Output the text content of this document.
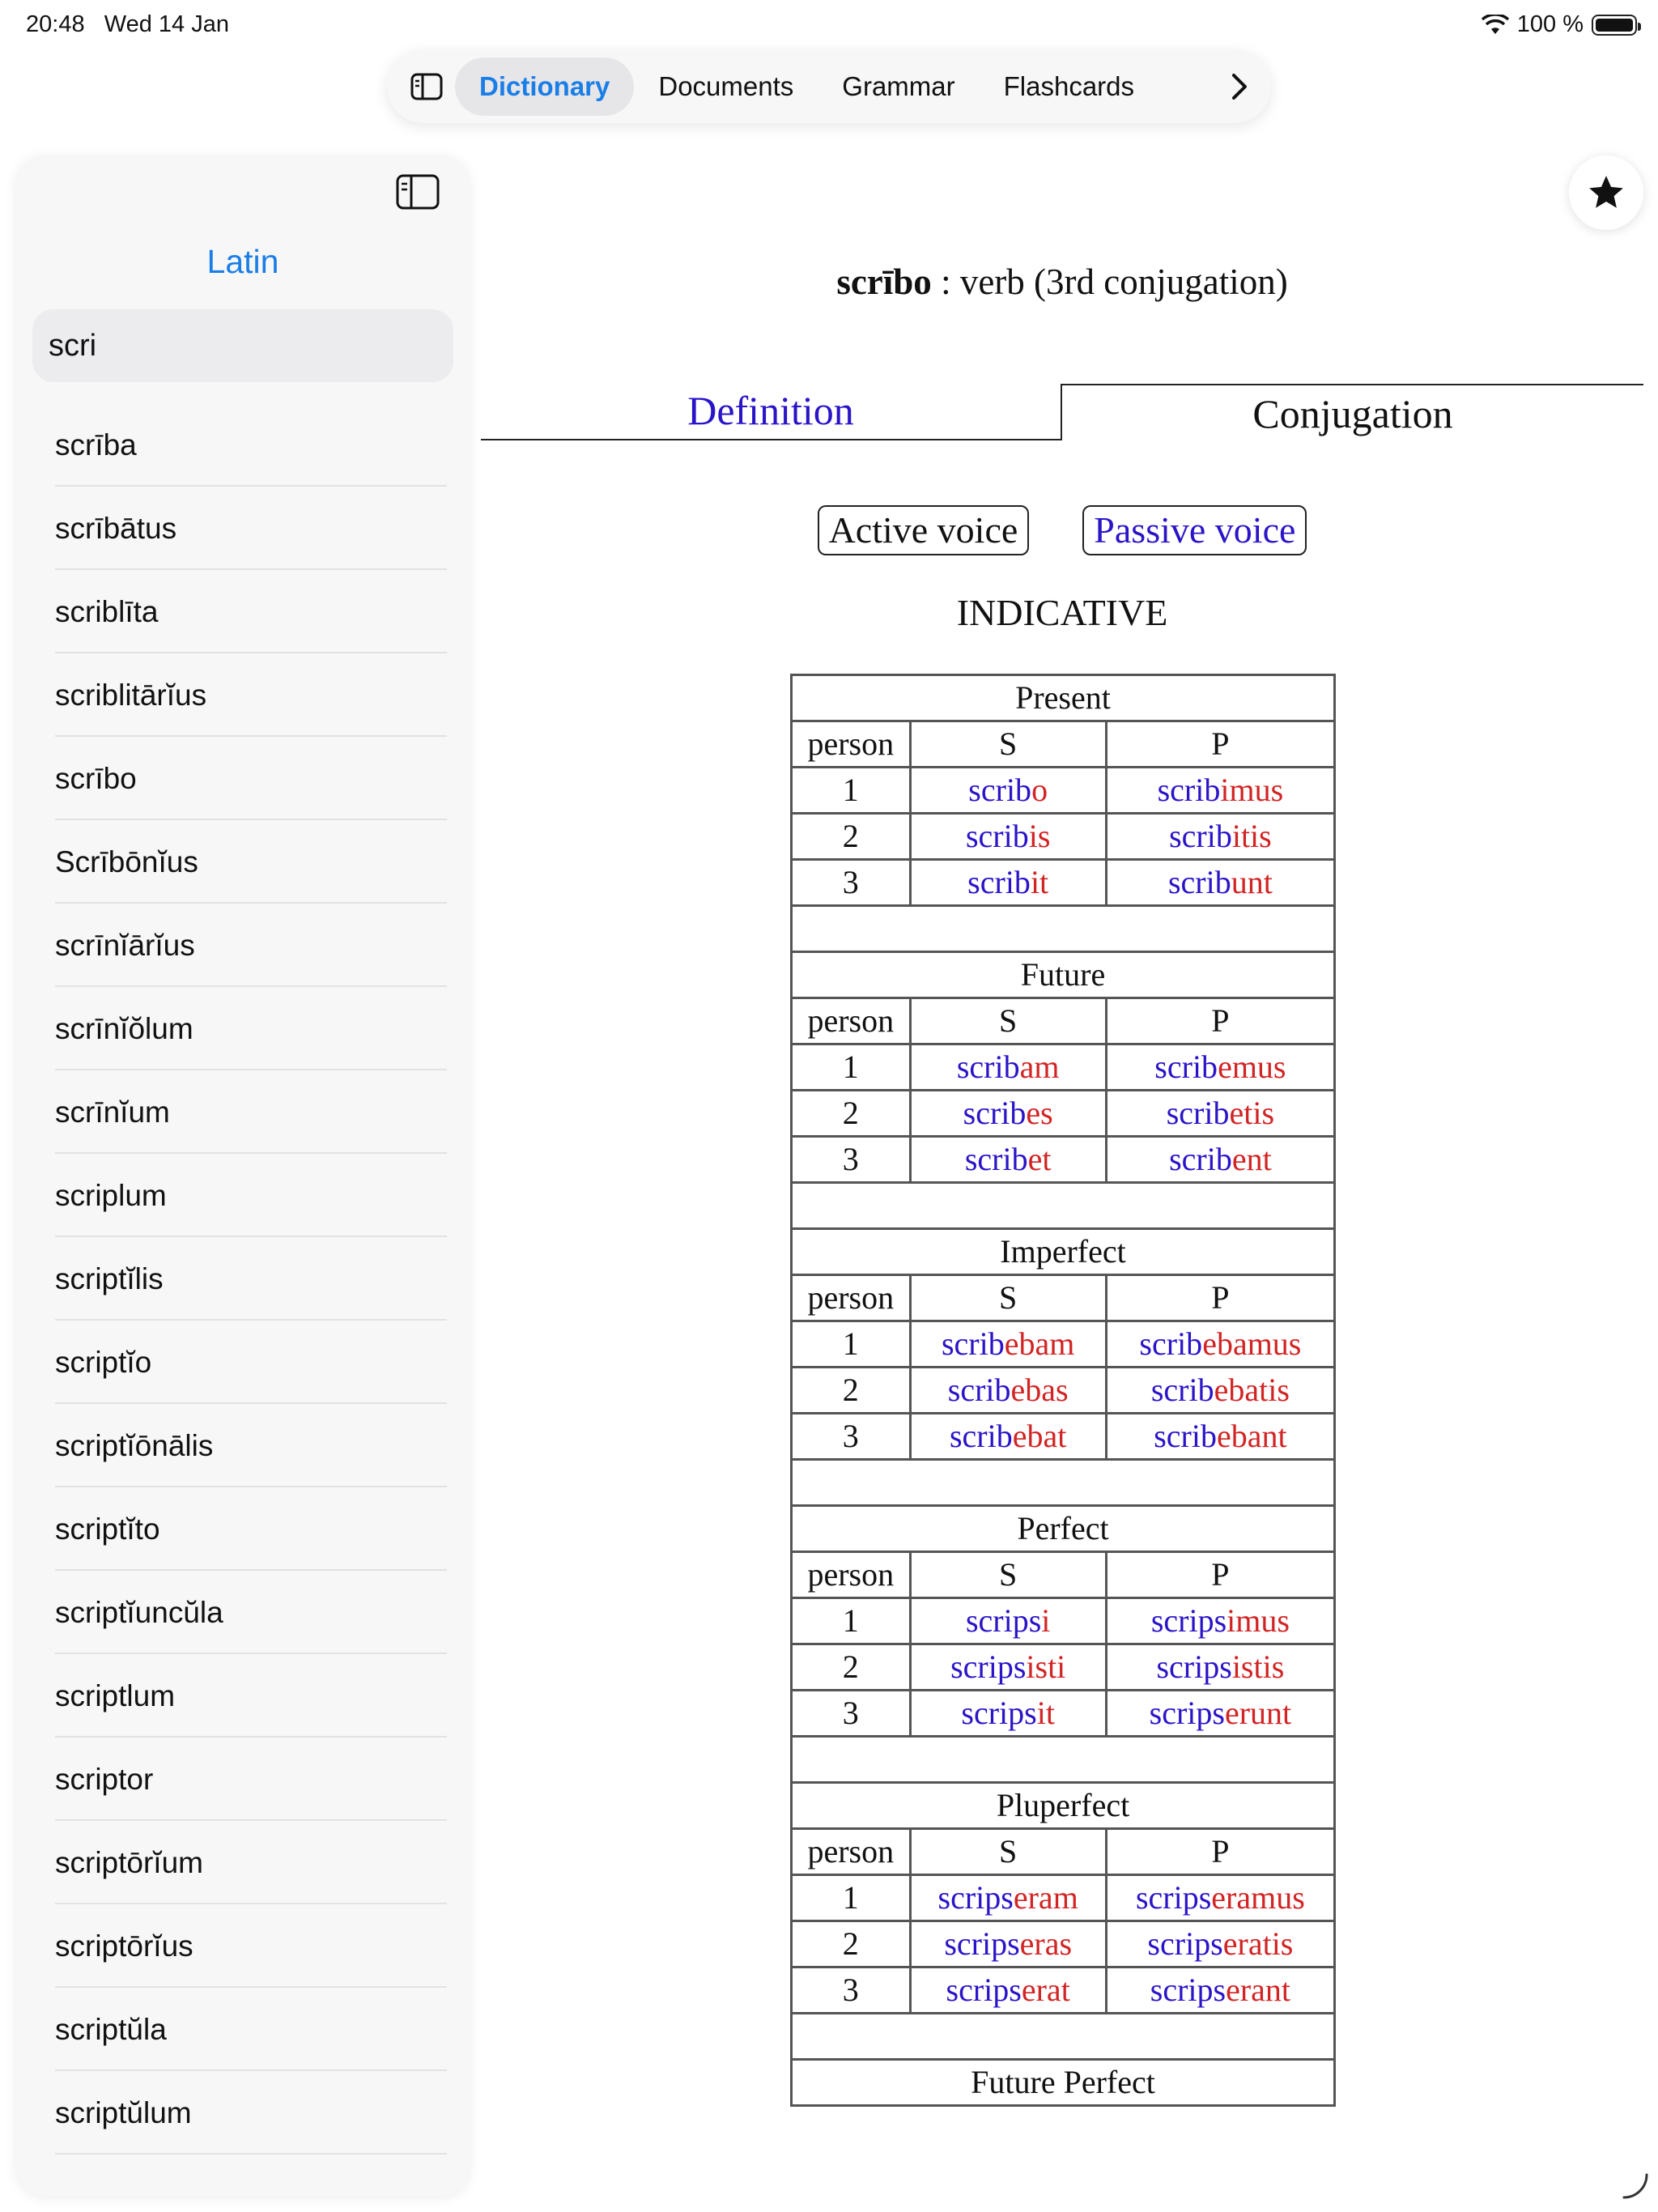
20:48 Wed 14 Jan	100 %
Dictionary	Documents	Grammar	Flashcards
Latin
scri
scrība
scrībātus
scriblīta
scriblitārĭus
scrībo
Scrībōnĭus
scrīnĭārĭus
scrīnĭŏlum
scrīnĭum
scriplum
scriptĭlis
scriptĭo
scriptĭōnālis
scriptĭto
scriptĭuncŭla
scriptlum
scriptor
scriptōrĭum
scriptōrĭus
scriptŭla
scriptŭlum
scrībo : verb (3rd conjugation)
Definition	Conjugation
Active voice	Passive voice
INDICATIVE
Present		
person	S	P
1	scribo	scribimus
2	scribis	scribitis
3	scribit	scribunt

Future		
person	S	P
1	scribam	scribemus
2	scribes	scribetis
3	scribet	scribent

Imperfect		
person	S	P
1	scribebam	scribebamus
2	scribebas	scribebatis
3	scribebat	scribebant

Perfect		
person	S	P
1	scripsi	scripsimus
2	scripsisti	scripsistis
3	scripsit	scripserunt

Pluperfect		
person	S	P
1	scripseram	scripseramus
2	scripseras	scripseratis
3	scripserat	scripserant

Future Perfect		
